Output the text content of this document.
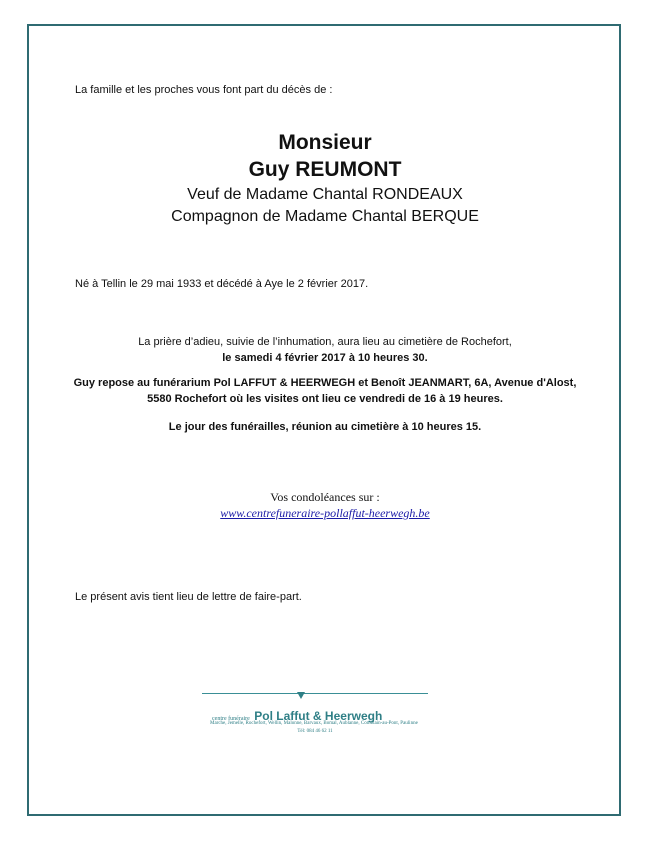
La famille et les proches vous font part du décès de :
Monsieur
Guy REUMONT
Veuf de Madame Chantal RONDEAUX
Compagnon de Madame Chantal BERQUE
Né à Tellin le 29 mai 1933 et décédé à Aye le 2 février 2017.
La prière d’adieu, suivie de l’inhumation, aura lieu au cimetière de Rochefort,
le samedi 4 février 2017 à 10 heures 30.
Guy repose au funérarium Pol LAFFUT & HEERWEGH et Benoît JEANMART, 6A, Avenue d'Alost,
5580 Rochefort où les visites ont lieu ce vendredi de 16 à 19 heures.
Le jour des funérailles, réunion au cimetière à 10 heures 15.
Vos condoléances sur :
www.centrefuneraire-pollaffut-heerwegh.be
Le présent avis tient lieu de lettre de faire-part.
centre funéraire Pol Laffut & Heerwegh
Marche, Jemelle, Rochefort, Wellin, Malonne, Barvaux, Bomal, Aublanne, Comblain-au-Pont, Paulinne
Tél: 084 46 62 11
